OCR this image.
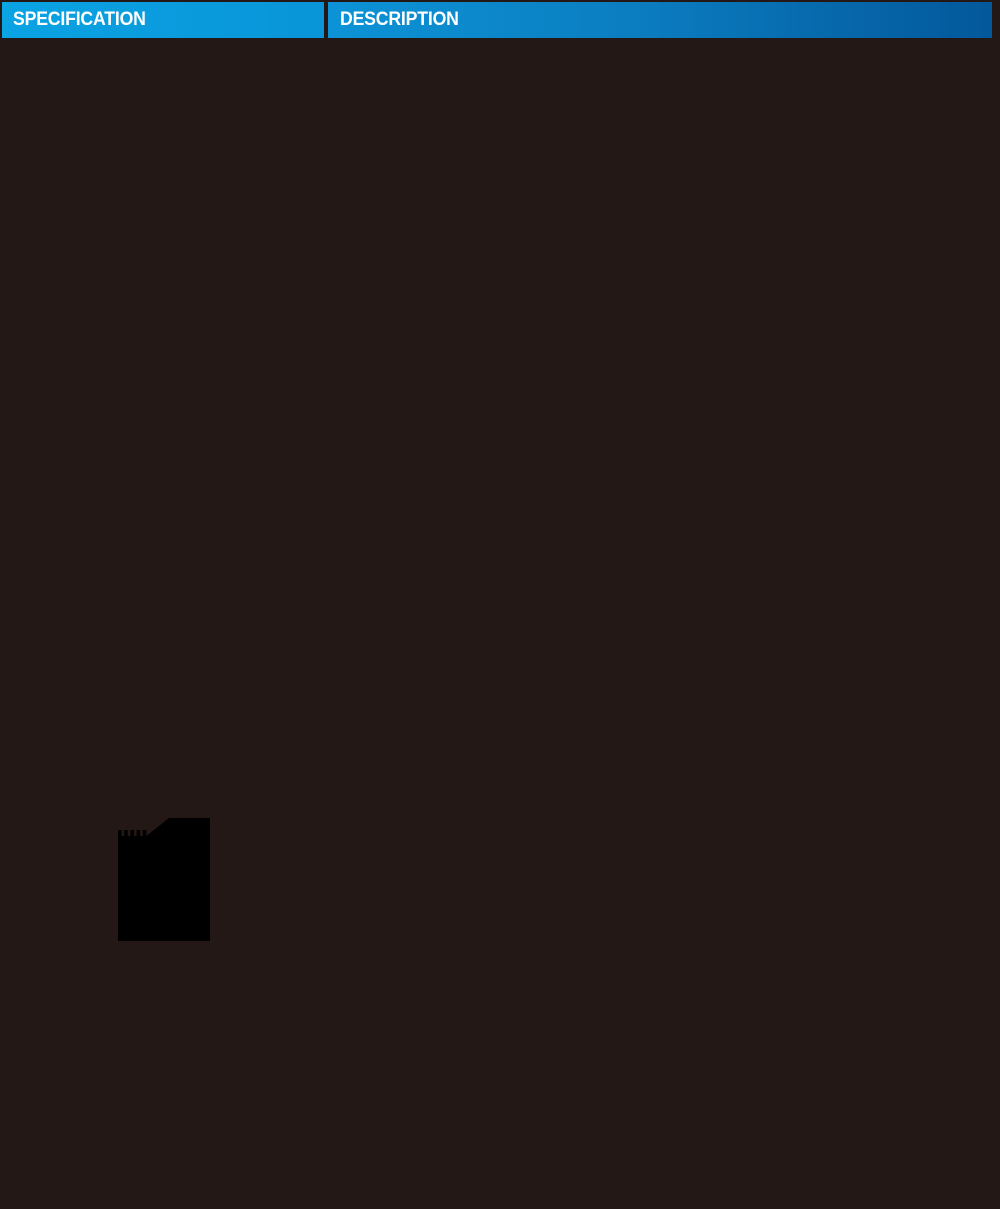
SPECIFICATION	DESCRIPTION
